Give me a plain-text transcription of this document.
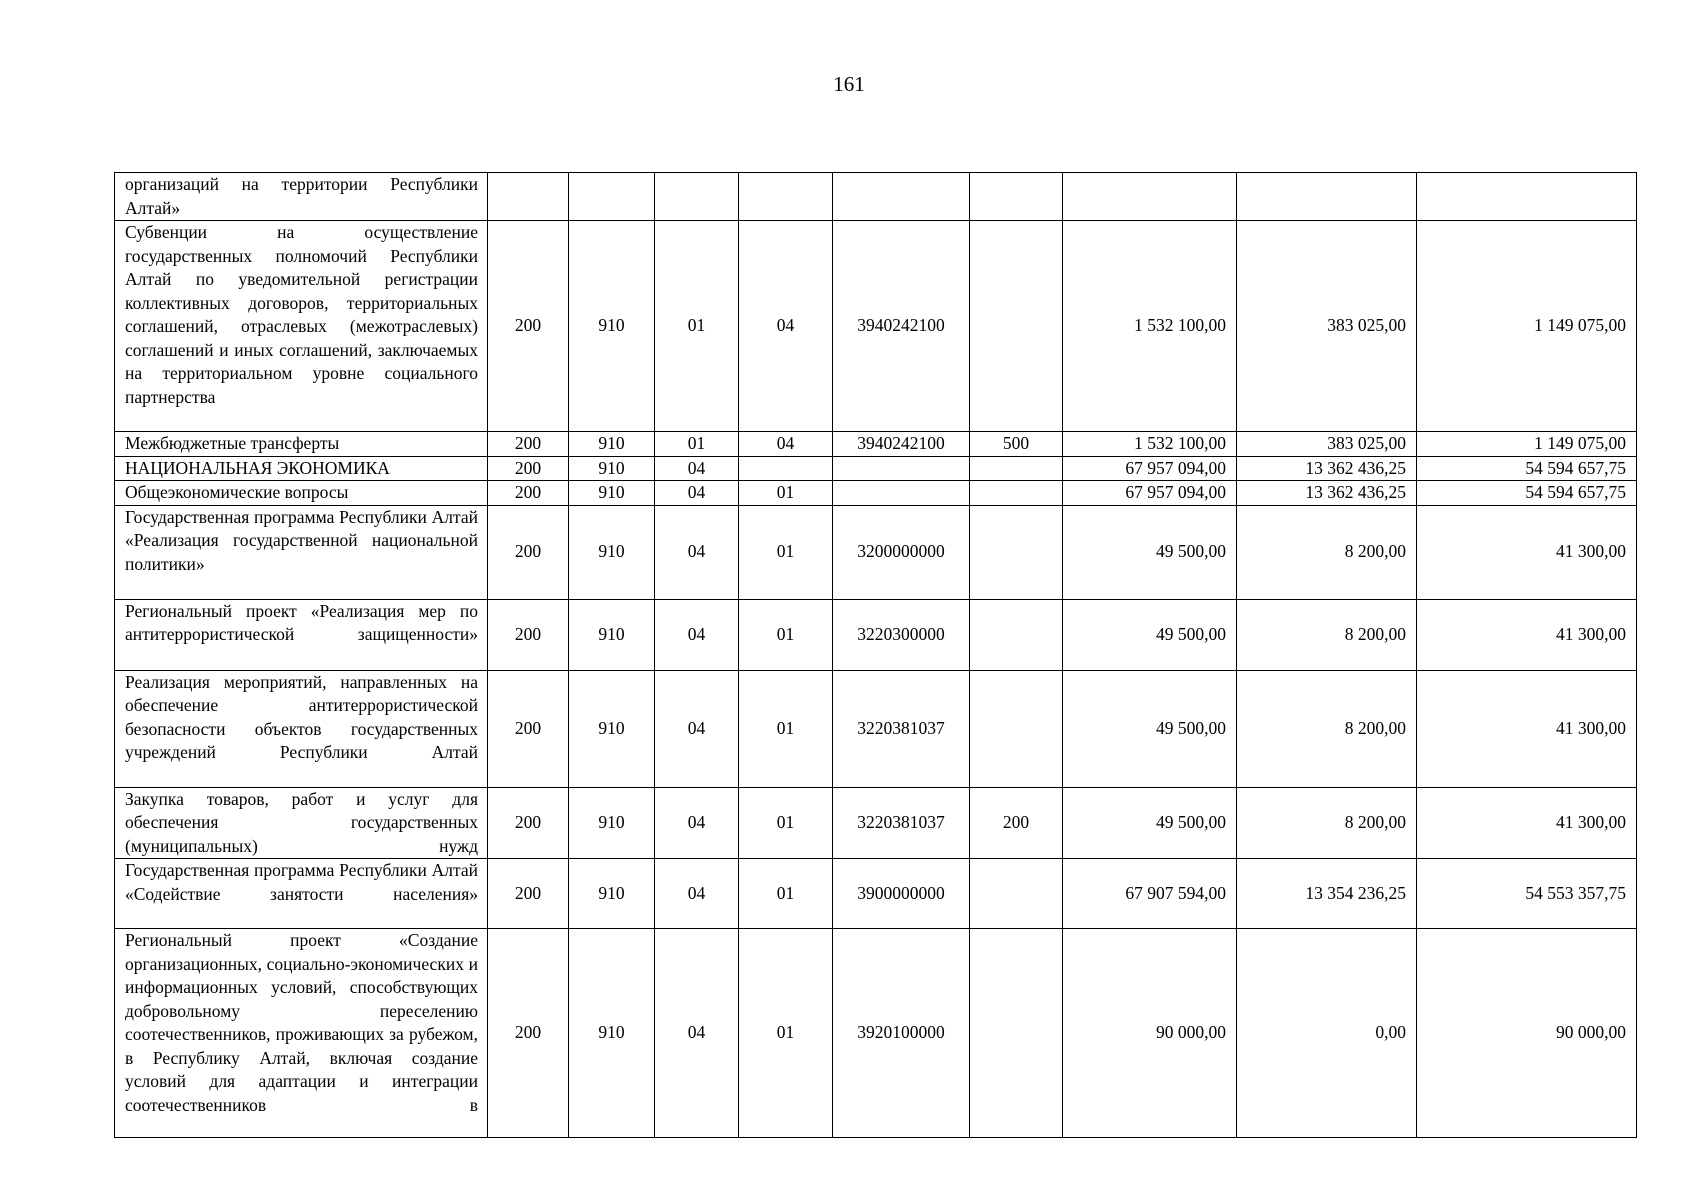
161
организаций на территории Республики Алтай»									
Субвенции на осуществление государственных полномочий Республики Алтай по уведомительной регистрации коллективных договоров, территориальных соглашений, отраслевых (межотраслевых) соглашений и иных соглашений, заключаемых на территориальном уровне социального партнерства	200	910	01	04	3940242100		1 532 100,00	383 025,00	1 149 075,00
Межбюджетные трансферты	200	910	01	04	3940242100	500	1 532 100,00	383 025,00	1 149 075,00
НАЦИОНАЛЬНАЯ ЭКОНОМИКА	200	910	04				67 957 094,00	13 362 436,25	54 594 657,75
Общеэкономические вопросы	200	910	04	01			67 957 094,00	13 362 436,25	54 594 657,75
Государственная программа Республики Алтай «Реализация государственной национальной политики»	200	910	04	01	3200000000		49 500,00	8 200,00	41 300,00
Региональный проект «Реализация мер по антитеррористической защищенности»	200	910	04	01	3220300000		49 500,00	8 200,00	41 300,00
Реализация мероприятий, направленных на обеспечение антитеррористической безопасности объектов государственных учреждений Республики Алтай	200	910	04	01	3220381037		49 500,00	8 200,00	41 300,00
Закупка товаров, работ и услуг для обеспечения государственных (муниципальных) нужд	200	910	04	01	3220381037	200	49 500,00	8 200,00	41 300,00
Государственная программа Республики Алтай «Содействие занятости населения»	200	910	04	01	3900000000		67 907 594,00	13 354 236,25	54 553 357,75
Региональный проект «Создание организационных, социально-экономических и информационных условий, способствующих добровольному переселению соотечественников, проживающих за рубежом, в Республику Алтай, включая создание условий для адаптации и интеграции соотечественников в	200	910	04	01	3920100000		90 000,00	0,00	90 000,00
